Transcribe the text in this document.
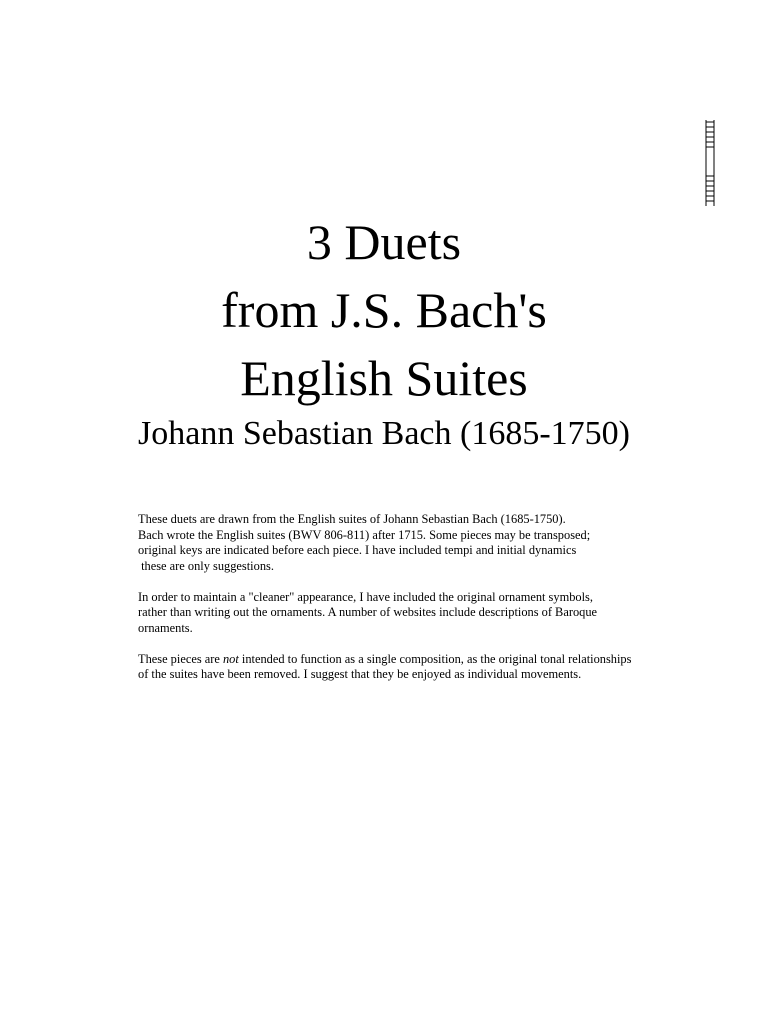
3 Duets
from J.S. Bach's
English Suites
Johann Sebastian Bach (1685-1750)

These duets are drawn from the English suites of Johann Sebastian Bach (1685-1750).
Bach wrote the English suites (BWV 806-811) after 1715. Some pieces may be transposed;
original keys are indicated before each piece. I have included tempi and initial dynamics
these are only suggestions.

In order to maintain a "cleaner" appearance, I have included the original ornament symbols,
rather than writing out the ornaments. A number of websites include descriptions of Baroque
ornaments.

These pieces are not intended to function as a single composition, as the original tonal relationships
of the suites have been removed. I suggest that they be enjoyed as individual movements.
